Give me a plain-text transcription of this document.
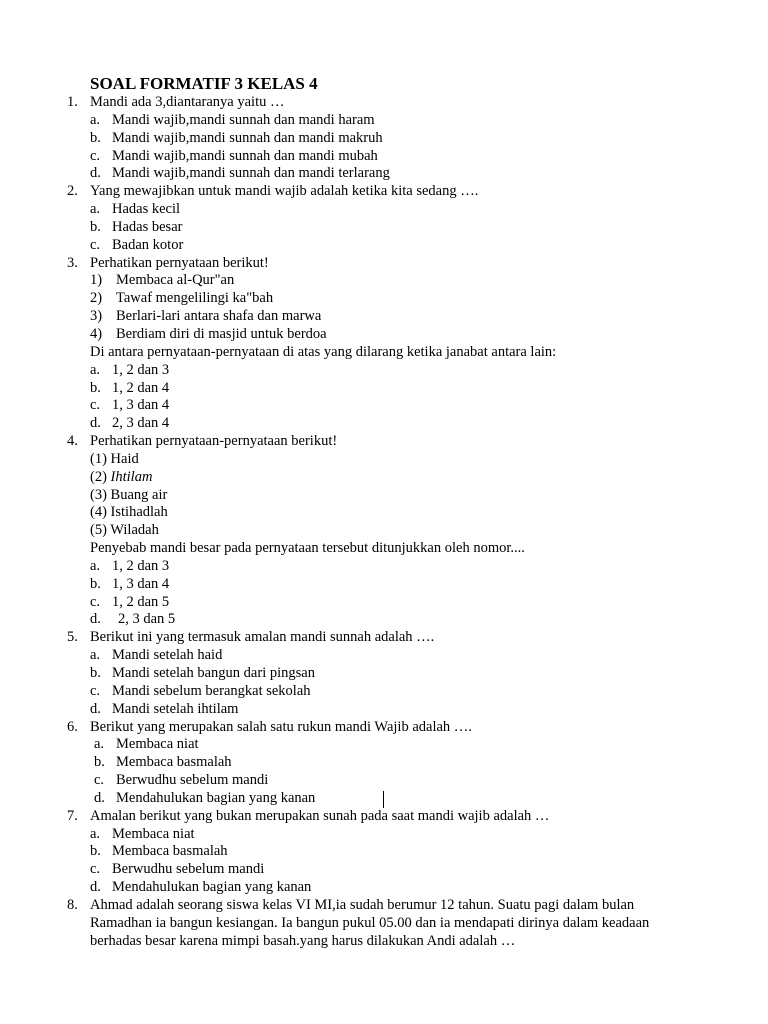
SOAL FORMATIF 3 KELAS 4
1. Mandi ada 3,diantaranya yaitu …
a. Mandi wajib,mandi sunnah dan mandi haram
b. Mandi wajib,mandi sunnah dan mandi makruh
c. Mandi wajib,mandi sunnah dan mandi mubah
d. Mandi wajib,mandi sunnah dan mandi terlarang
2. Yang mewajibkan untuk mandi wajib adalah ketika kita sedang ….
a. Hadas kecil
b. Hadas besar
c. Badan kotor
3. Perhatikan pernyataan berikut!
1) Membaca al-Qur"an
2) Tawaf mengelilingi ka"bah
3) Berlari-lari antara shafa dan marwa
4) Berdiam diri di masjid untuk berdoa
Di antara pernyataan-pernyataan di atas yang dilarang ketika janabat antara lain:
a. 1, 2 dan 3
b. 1, 2 dan 4
c. 1, 3 dan 4
d. 2, 3 dan 4
4. Perhatikan pernyataan-pernyataan berikut!
(1) Haid
(2) Ihtilam
(3) Buang air
(4) Istihadlah
(5) Wiladah
Penyebab mandi besar pada pernyataan tersebut ditunjukkan oleh nomor....
a. 1, 2 dan 3
b. 1, 3 dan 4
c. 1, 2 dan 5
d. 2, 3 dan 5
5. Berikut ini yang termasuk amalan mandi sunnah adalah ….
a. Mandi setelah haid
b. Mandi setelah bangun dari pingsan
c. Mandi sebelum berangkat sekolah
d. Mandi setelah ihtilam
6. Berikut yang merupakan salah satu rukun mandi Wajib adalah ….
a. Membaca niat
b. Membaca basmalah
c. Berwudhu sebelum mandi
d. Mendahulukan bagian yang kanan
7. Amalan berikut yang bukan merupakan sunah pada saat mandi wajib adalah …
a. Membaca niat
b. Membaca basmalah
c. Berwudhu sebelum mandi
d. Mendahulukan bagian yang kanan
8. Ahmad adalah seorang siswa kelas VI MI,ia sudah berumur 12 tahun. Suatu pagi dalam bulan
Ramadhan ia bangun kesiangan. Ia bangun pukul 05.00 dan ia mendapati dirinya dalam keadaan
berhadas besar karena mimpi basah.yang harus dilakukan Andi adalah …
